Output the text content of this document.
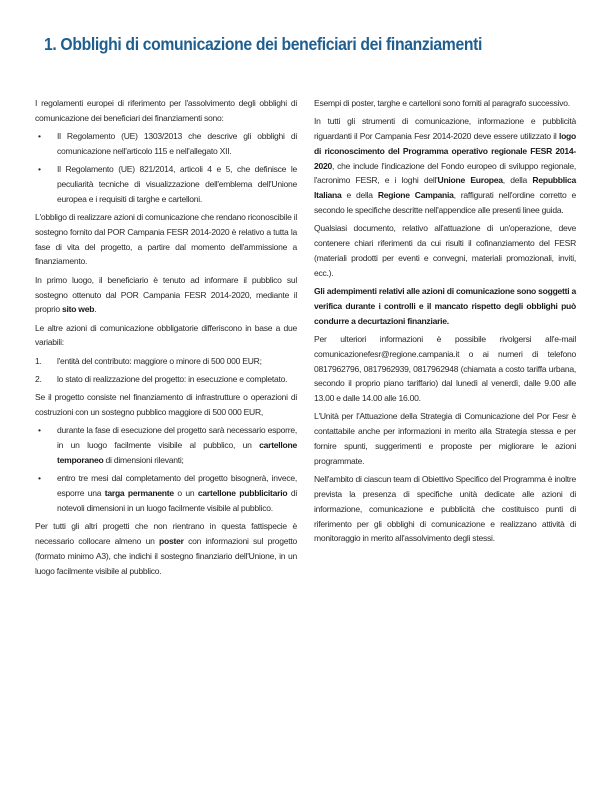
1. Obblighi di comunicazione dei beneficiari dei finanziamenti

I regolamenti europei di riferimento per l'assolvimento degli obblighi di comunicazione dei beneficiari dei finanziamenti sono:

• Il Regolamento (UE) 1303/2013 che descrive gli obblighi di comunicazione nell'articolo 115 e nell'allegato XII.
• Il Regolamento (UE) 821/2014, articoli 4 e 5, che definisce le peculiarità tecniche di visualizzazione dell'emblema dell'Unione europea e i requisiti di targhe e cartelloni.

L'obbligo di realizzare azioni di comunicazione che rendano riconoscibile il sostegno fornito dal POR Campania FESR 2014-2020 è relativo a tutta la fase di vita del progetto, a partire dal momento dell'ammissione a finanziamento.

In primo luogo, il beneficiario è tenuto ad informare il pubblico sul sostegno ottenuto dal POR Campania FESR 2014-2020, mediante il proprio sito web.

Le altre azioni di comunicazione obbligatorie differiscono in base a due variabili:

1. l'entità del contributo: maggiore o minore di 500 000 EUR;
2. lo stato di realizzazione del progetto: in esecuzione e completato.

Se il progetto consiste nel finanziamento di infrastrutture o operazioni di costruzioni con un sostegno pubblico maggiore di 500 000 EUR,

• durante la fase di esecuzione del progetto sarà necessario esporre, in un luogo facilmente visibile al pubblico, un cartellone temporaneo di dimensioni rilevanti;
• entro tre mesi dal completamento del progetto bisognerà, invece, esporre una targa permanente o un cartellone pubblicitario di notevoli dimensioni in un luogo facilmente visibile al pubblico.

Per tutti gli altri progetti che non rientrano in questa fattispecie è necessario collocare almeno un poster con informazioni sul progetto (formato minimo A3), che indichi il sostegno finanziario dell'Unione, in un luogo facilmente visibile al pubblico.

Esempi di poster, targhe e cartelloni sono forniti al paragrafo successivo.

In tutti gli strumenti di comunicazione, informazione e pubblicità riguardanti il Por Campania Fesr 2014-2020 deve essere utilizzato il logo di riconoscimento del Programma operativo regionale FESR 2014-2020, che include l'indicazione del Fondo europeo di sviluppo regionale, l'acronimo FESR, e i loghi dell'Unione Europea, della Repubblica Italiana e della Regione Campania, raffigurati nell'ordine corretto e secondo le specifiche descritte nell'appendice alle presenti linee guida.

Qualsiasi documento, relativo all'attuazione di un'operazione, deve contenere chiari riferimenti da cui risulti il cofinanziamento del FESR (materiali prodotti per eventi e convegni, materiali promozionali, inviti, ecc.).

Gli adempimenti relativi alle azioni di comunicazione sono soggetti a verifica durante i controlli e il mancato rispetto degli obblighi può condurre a decurtazioni finanziarie.

Per ulteriori informazioni è possibile rivolgersi all'e-mail comunicazionefesr@regione.campania.it o ai numeri di telefono 0817962796, 0817962939, 0817962948 (chiamata a costo tariffa urbana, secondo il proprio piano tariffario) dal lunedì al venerdì, dalle 9.00 alle 13.00 e dalle 14.00 alle 16.00.

L'Unità per l'Attuazione della Strategia di Comunicazione del Por Fesr è contattabile anche per informazioni in merito alla Strategia stessa e per fornire spunti, suggerimenti e proposte per migliorare le azioni programmate.

Nell'ambito di ciascun team di Obiettivo Specifico del Programma è inoltre prevista la presenza di specifiche unità dedicate alle azioni di informazione, comunicazione e pubblicità che costituisco punti di riferimento per gli obblighi di comunicazione e realizzano attività di monitoraggio in merito all'assolvimento degli stessi.
